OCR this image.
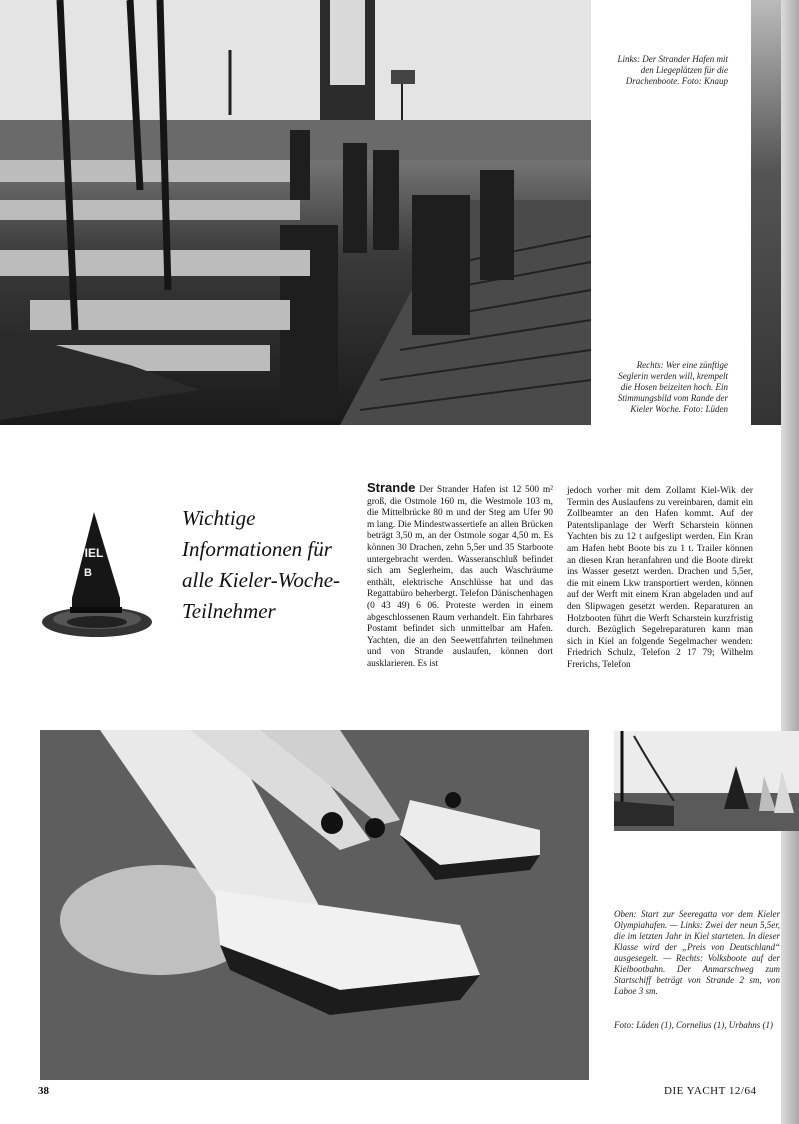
Links: Der Strander Hafen mit den Liegeplätzen für die Drachenboote. Foto: Knaup
Rechts: Wer eine zünftige Seglerin werden will, krempelt die Hosen beizeiten hoch. Ein Stimmungsbild vom Rande der Kieler Woche. Foto: Lüden
Oben: Start zur Seeregatta vor dem Kieler Olympiahafen. — Links: Zwei der neun 5,5er, die im letzten Jahr in Kiel starteten. In dieser Klasse wird der „Preis von Deutschland“ ausgesegelt. — Rechts: Volksboote auf der Kielbootbahn. Der Anmarschweg zum Startschiff beträgt von Strande 2 sm, von Laboe 3 sm.
Foto: Lüden (1), Cornelius (1), Urbahns (1)
IEL
B
Wichtige Informationen für alle Kieler-Woche-Teilnehmer
Strande Der Strander Hafen ist 12 500 m² groß, die Ostmole 160 m, die Westmole 103 m, die Mittelbrücke 80 m und der Steg am Ufer 90 m lang. Die Mindestwassertiefe an allen Brücken beträgt 3,50 m, an der Ostmole sogar 4,50 m. Es können 30 Drachen, zehn 5,5er und 35 Starboote untergebracht werden. Wasseranschluß befindet sich am Seglerheim, das auch Waschräume enthält, elektrische Anschlüsse hat und das Regattabüro beherbergt. Telefon Dänischenhagen (0 43 49) 6 06. Proteste werden in einem abgeschlossenen Raum verhandelt. Ein fahrbares Postamt befindet sich unmittelbar am Hafen. Yachten, die an den Seewettfahrten teilnehmen und von Strande auslaufen, können dort ausklarieren. Es ist
jedoch vorher mit dem Zollamt Kiel-Wik der Termin des Auslaufens zu vereinbaren, damit ein Zollbeamter an den Hafen kommt. Auf der Patentslipanlage der Werft Scharstein können Yachten bis zu 12 t aufgeslipt werden. Ein Kran am Hafen hebt Boote bis zu 1 t. Trailer können an diesen Kran heranfahren und die Boote direkt ins Wasser gesetzt werden. Drachen und 5,5er, die mit einem Lkw transportiert werden, können auf der Werft mit einem Kran abgeladen und auf den Slipwagen gesetzt werden. Reparaturen an Holzbooten führt die Werft Scharstein kurzfristig durch. Bezüglich Segelreparaturen kann man sich in Kiel an folgende Segelmacher wenden: Friedrich Schulz, Telefon 2 17 79; Wilhelm Frerichs, Telefon
38	DIE YACHT 12/64
